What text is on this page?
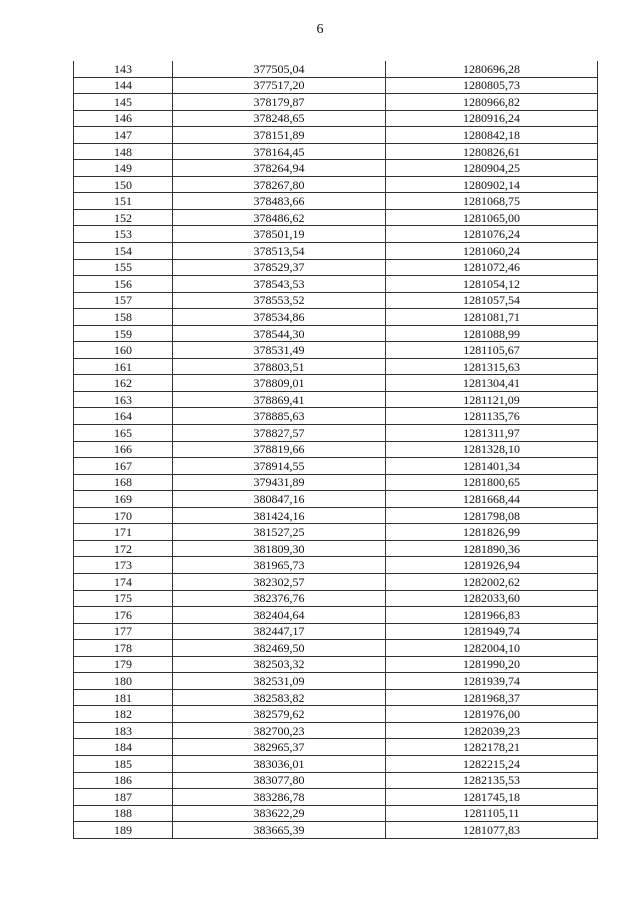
6
143	377505,04	1280696,28
144	377517,20	1280805,73
145	378179,87	1280966,82
146	378248,65	1280916,24
147	378151,89	1280842,18
148	378164,45	1280826,61
149	378264,94	1280904,25
150	378267,80	1280902,14
151	378483,66	1281068,75
152	378486,62	1281065,00
153	378501,19	1281076,24
154	378513,54	1281060,24
155	378529,37	1281072,46
156	378543,53	1281054,12
157	378553,52	1281057,54
158	378534,86	1281081,71
159	378544,30	1281088,99
160	378531,49	1281105,67
161	378803,51	1281315,63
162	378809,01	1281304,41
163	378869,41	1281121,09
164	378885,63	1281135,76
165	378827,57	1281311,97
166	378819,66	1281328,10
167	378914,55	1281401,34
168	379431,89	1281800,65
169	380847,16	1281668,44
170	381424,16	1281798,08
171	381527,25	1281826,99
172	381809,30	1281890,36
173	381965,73	1281926,94
174	382302,57	1282002,62
175	382376,76	1282033,60
176	382404,64	1281966,83
177	382447,17	1281949,74
178	382469,50	1282004,10
179	382503,32	1281990,20
180	382531,09	1281939,74
181	382583,82	1281968,37
182	382579,62	1281976,00
183	382700,23	1282039,23
184	382965,37	1282178,21
185	383036,01	1282215,24
186	383077,80	1282135,53
187	383286,78	1281745,18
188	383622,29	1281105,11
189	383665,39	1281077,83
